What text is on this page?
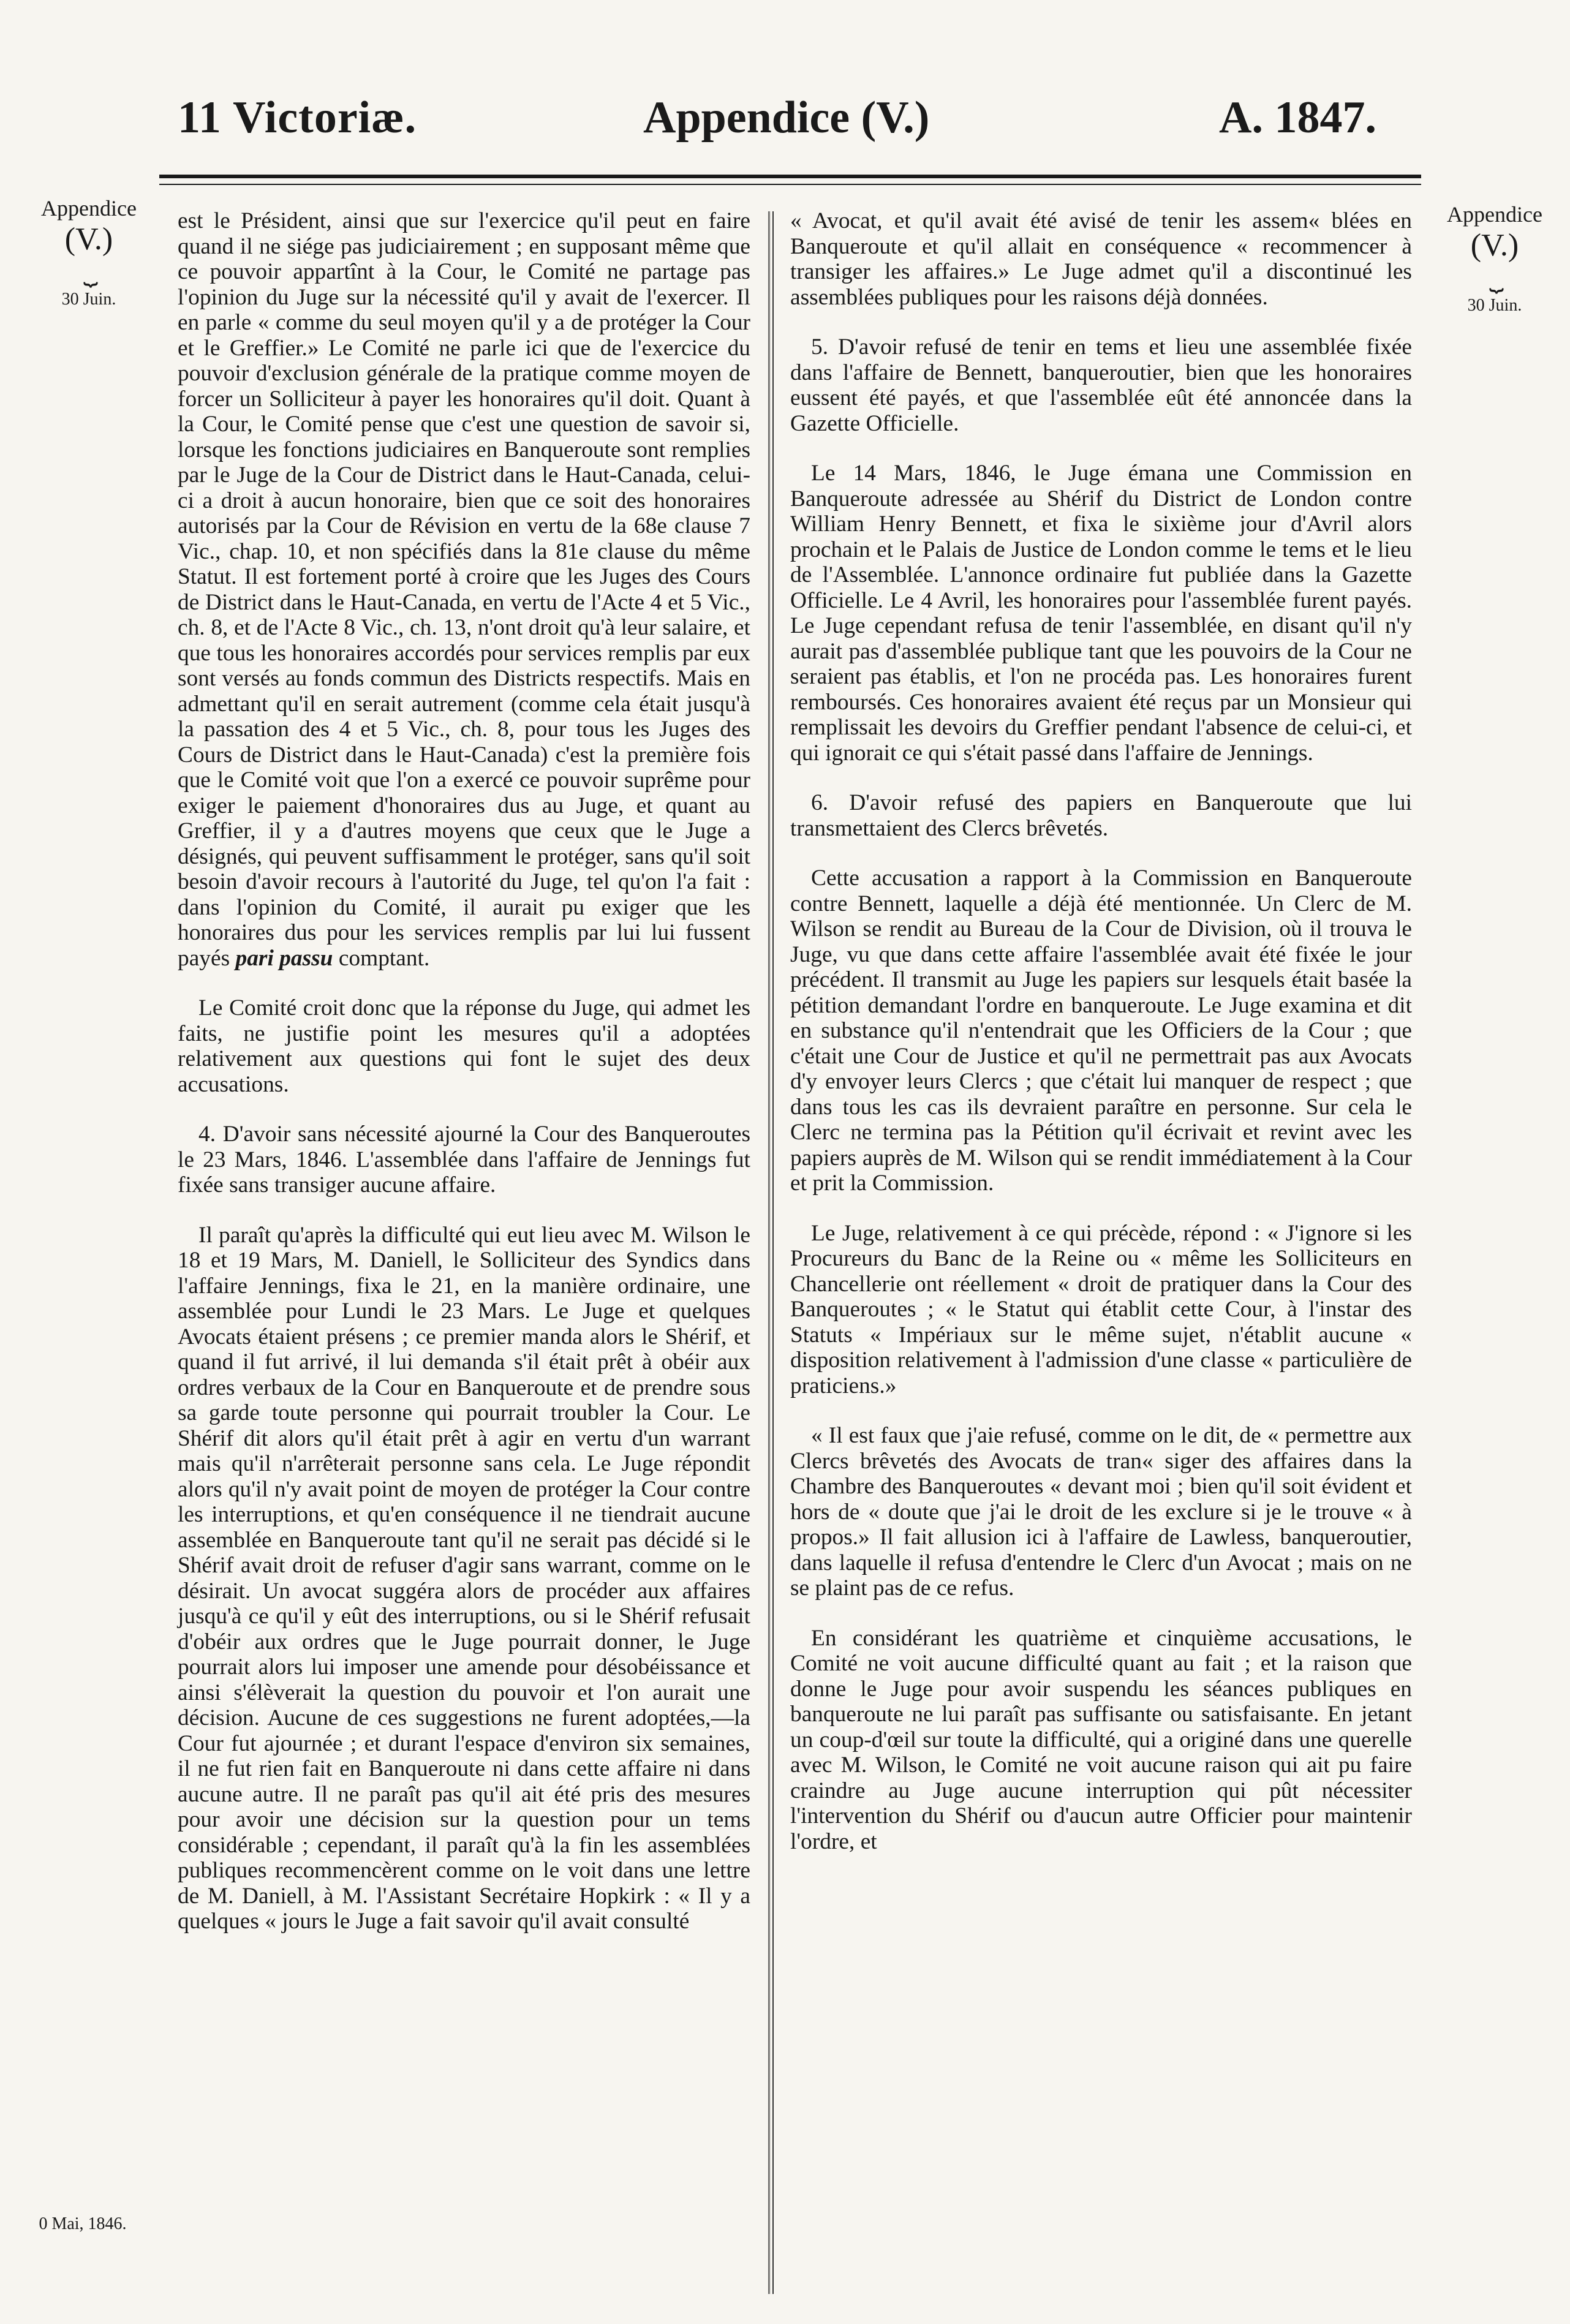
11 Victoriæ.	Appendice (V.)	A. 1847.
Appendice
(V.)
⏟
30 Juin.
0 Mai, 1846.
Appendice
(V.)
⏟
30 Juin.

est le Président, ainsi que sur l'exercice qu'il peut en faire quand il ne siége pas judiciairement ; en supposant même que ce pouvoir appartînt à la Cour, le Comité ne partage pas l'opinion du Juge sur la nécessité qu'il y avait de l'exercer. Il en parle « comme du seul moyen qu'il y a de protéger la Cour et le Greffier.» Le Comité ne parle ici que de l'exercice du pouvoir d'exclusion générale de la pratique comme moyen de forcer un Solliciteur à payer les honoraires qu'il doit. Quant à la Cour, le Comité pense que c'est une question de savoir si, lorsque les fonctions judiciaires en Banqueroute sont remplies par le Juge de la Cour de District dans le Haut-Canada, celui-ci a droit à aucun honoraire, bien que ce soit des honoraires autorisés par la Cour de Révision en vertu de la 68e clause 7 Vic., chap. 10, et non spécifiés dans la 81e clause du même Statut. Il est fortement porté à croire que les Juges des Cours de District dans le Haut-Canada, en vertu de l'Acte 4 et 5 Vic., ch. 8, et de l'Acte 8 Vic., ch. 13, n'ont droit qu'à leur salaire, et que tous les honoraires accordés pour services remplis par eux sont versés au fonds commun des Districts respectifs. Mais en admettant qu'il en serait autrement (comme cela était jusqu'à la passation des 4 et 5 Vic., ch. 8, pour tous les Juges des Cours de District dans le Haut-Canada) c'est la première fois que le Comité voit que l'on a exercé ce pouvoir suprême pour exiger le paiement d'honoraires dus au Juge, et quant au Greffier, il y a d'autres moyens que ceux que le Juge a désignés, qui peuvent suffisamment le protéger, sans qu'il soit besoin d'avoir recours à l'autorité du Juge, tel qu'on l'a fait : dans l'opinion du Comité, il aurait pu exiger que les honoraires dus pour les services remplis par lui lui fussent payés pari passu comptant.

Le Comité croit donc que la réponse du Juge, qui admet les faits, ne justifie point les mesures qu'il a adoptées relativement aux questions qui font le sujet des deux accusations.

4. D'avoir sans nécessité ajourné la Cour des Banqueroutes le 23 Mars, 1846. L'assemblée dans l'affaire de Jennings fut fixée sans transiger aucune affaire.

Il paraît qu'après la difficulté qui eut lieu avec M. Wilson le 18 et 19 Mars, M. Daniell, le Solliciteur des Syndics dans l'affaire Jennings, fixa le 21, en la manière ordinaire, une assemblée pour Lundi le 23 Mars. Le Juge et quelques Avocats étaient présens ; ce premier manda alors le Shérif, et quand il fut arrivé, il lui demanda s'il était prêt à obéir aux ordres verbaux de la Cour en Banqueroute et de prendre sous sa garde toute personne qui pourrait troubler la Cour. Le Shérif dit alors qu'il était prêt à agir en vertu d'un warrant mais qu'il n'arrêterait personne sans cela. Le Juge répondit alors qu'il n'y avait point de moyen de protéger la Cour contre les interruptions, et qu'en conséquence il ne tiendrait aucune assemblée en Banqueroute tant qu'il ne serait pas décidé si le Shérif avait droit de refuser d'agir sans warrant, comme on le désirait. Un avocat suggéra alors de procéder aux affaires jusqu'à ce qu'il y eût des interruptions, ou si le Shérif refusait d'obéir aux ordres que le Juge pourrait donner, le Juge pourrait alors lui imposer une amende pour désobéissance et ainsi s'élèverait la question du pouvoir et l'on aurait une décision. Aucune de ces suggestions ne furent adoptées,—la Cour fut ajournée ; et durant l'espace d'environ six semaines, il ne fut rien fait en Banqueroute ni dans cette affaire ni dans aucune autre. Il ne paraît pas qu'il ait été pris des mesures pour avoir une décision sur la question pour un tems considérable ; cependant, il paraît qu'à la fin les assemblées publiques recommencèrent comme on le voit dans une lettre de M. Daniell, à M. l'Assistant Secrétaire Hopkirk : « Il y a quelques « jours le Juge a fait savoir qu'il avait consulté

« Avocat, et qu'il avait été avisé de tenir les assem« blées en Banqueroute et qu'il allait en conséquence « recommencer à transiger les affaires.» Le Juge admet qu'il a discontinué les assemblées publiques pour les raisons déjà données.

5. D'avoir refusé de tenir en tems et lieu une assemblée fixée dans l'affaire de Bennett, banqueroutier, bien que les honoraires eussent été payés, et que l'assemblée eût été annoncée dans la Gazette Officielle.

Le 14 Mars, 1846, le Juge émana une Commission en Banqueroute adressée au Shérif du District de London contre William Henry Bennett, et fixa le sixième jour d'Avril alors prochain et le Palais de Justice de London comme le tems et le lieu de l'Assemblée. L'annonce ordinaire fut publiée dans la Gazette Officielle. Le 4 Avril, les honoraires pour l'assemblée furent payés. Le Juge cependant refusa de tenir l'assemblée, en disant qu'il n'y aurait pas d'assemblée publique tant que les pouvoirs de la Cour ne seraient pas établis, et l'on ne procéda pas. Les honoraires furent remboursés. Ces honoraires avaient été reçus par un Monsieur qui remplissait les devoirs du Greffier pendant l'absence de celui-ci, et qui ignorait ce qui s'était passé dans l'affaire de Jennings.

6. D'avoir refusé des papiers en Banqueroute que lui transmettaient des Clercs brêvetés.

Cette accusation a rapport à la Commission en Banqueroute contre Bennett, laquelle a déjà été mentionnée. Un Clerc de M. Wilson se rendit au Bureau de la Cour de Division, où il trouva le Juge, vu que dans cette affaire l'assemblée avait été fixée le jour précédent. Il transmit au Juge les papiers sur lesquels était basée la pétition demandant l'ordre en banqueroute. Le Juge examina et dit en substance qu'il n'entendrait que les Officiers de la Cour ; que c'était une Cour de Justice et qu'il ne permettrait pas aux Avocats d'y envoyer leurs Clercs ; que c'était lui manquer de respect ; que dans tous les cas ils devraient paraître en personne. Sur cela le Clerc ne termina pas la Pétition qu'il écrivait et revint avec les papiers auprès de M. Wilson qui se rendit immédiatement à la Cour et prit la Commission.

Le Juge, relativement à ce qui précède, répond : « J'ignore si les Procureurs du Banc de la Reine ou « même les Solliciteurs en Chancellerie ont réellement « droit de pratiquer dans la Cour des Banqueroutes ; « le Statut qui établit cette Cour, à l'instar des Statuts « Impériaux sur le même sujet, n'établit aucune « disposition relativement à l'admission d'une classe « particulière de praticiens.»

« Il est faux que j'aie refusé, comme on le dit, de « permettre aux Clercs brêvetés des Avocats de tran« siger des affaires dans la Chambre des Banqueroutes « devant moi ; bien qu'il soit évident et hors de « doute que j'ai le droit de les exclure si je le trouve « à propos.» Il fait allusion ici à l'affaire de Lawless, banqueroutier, dans laquelle il refusa d'entendre le Clerc d'un Avocat ; mais on ne se plaint pas de ce refus.

En considérant les quatrième et cinquième accusations, le Comité ne voit aucune difficulté quant au fait ; et la raison que donne le Juge pour avoir suspendu les séances publiques en banqueroute ne lui paraît pas suffisante ou satisfaisante. En jetant un coup-d'œil sur toute la difficulté, qui a originé dans une querelle avec M. Wilson, le Comité ne voit aucune raison qui ait pu faire craindre au Juge aucune interruption qui pût nécessiter l'intervention du Shérif ou d'aucun autre Officier pour maintenir l'ordre, et
